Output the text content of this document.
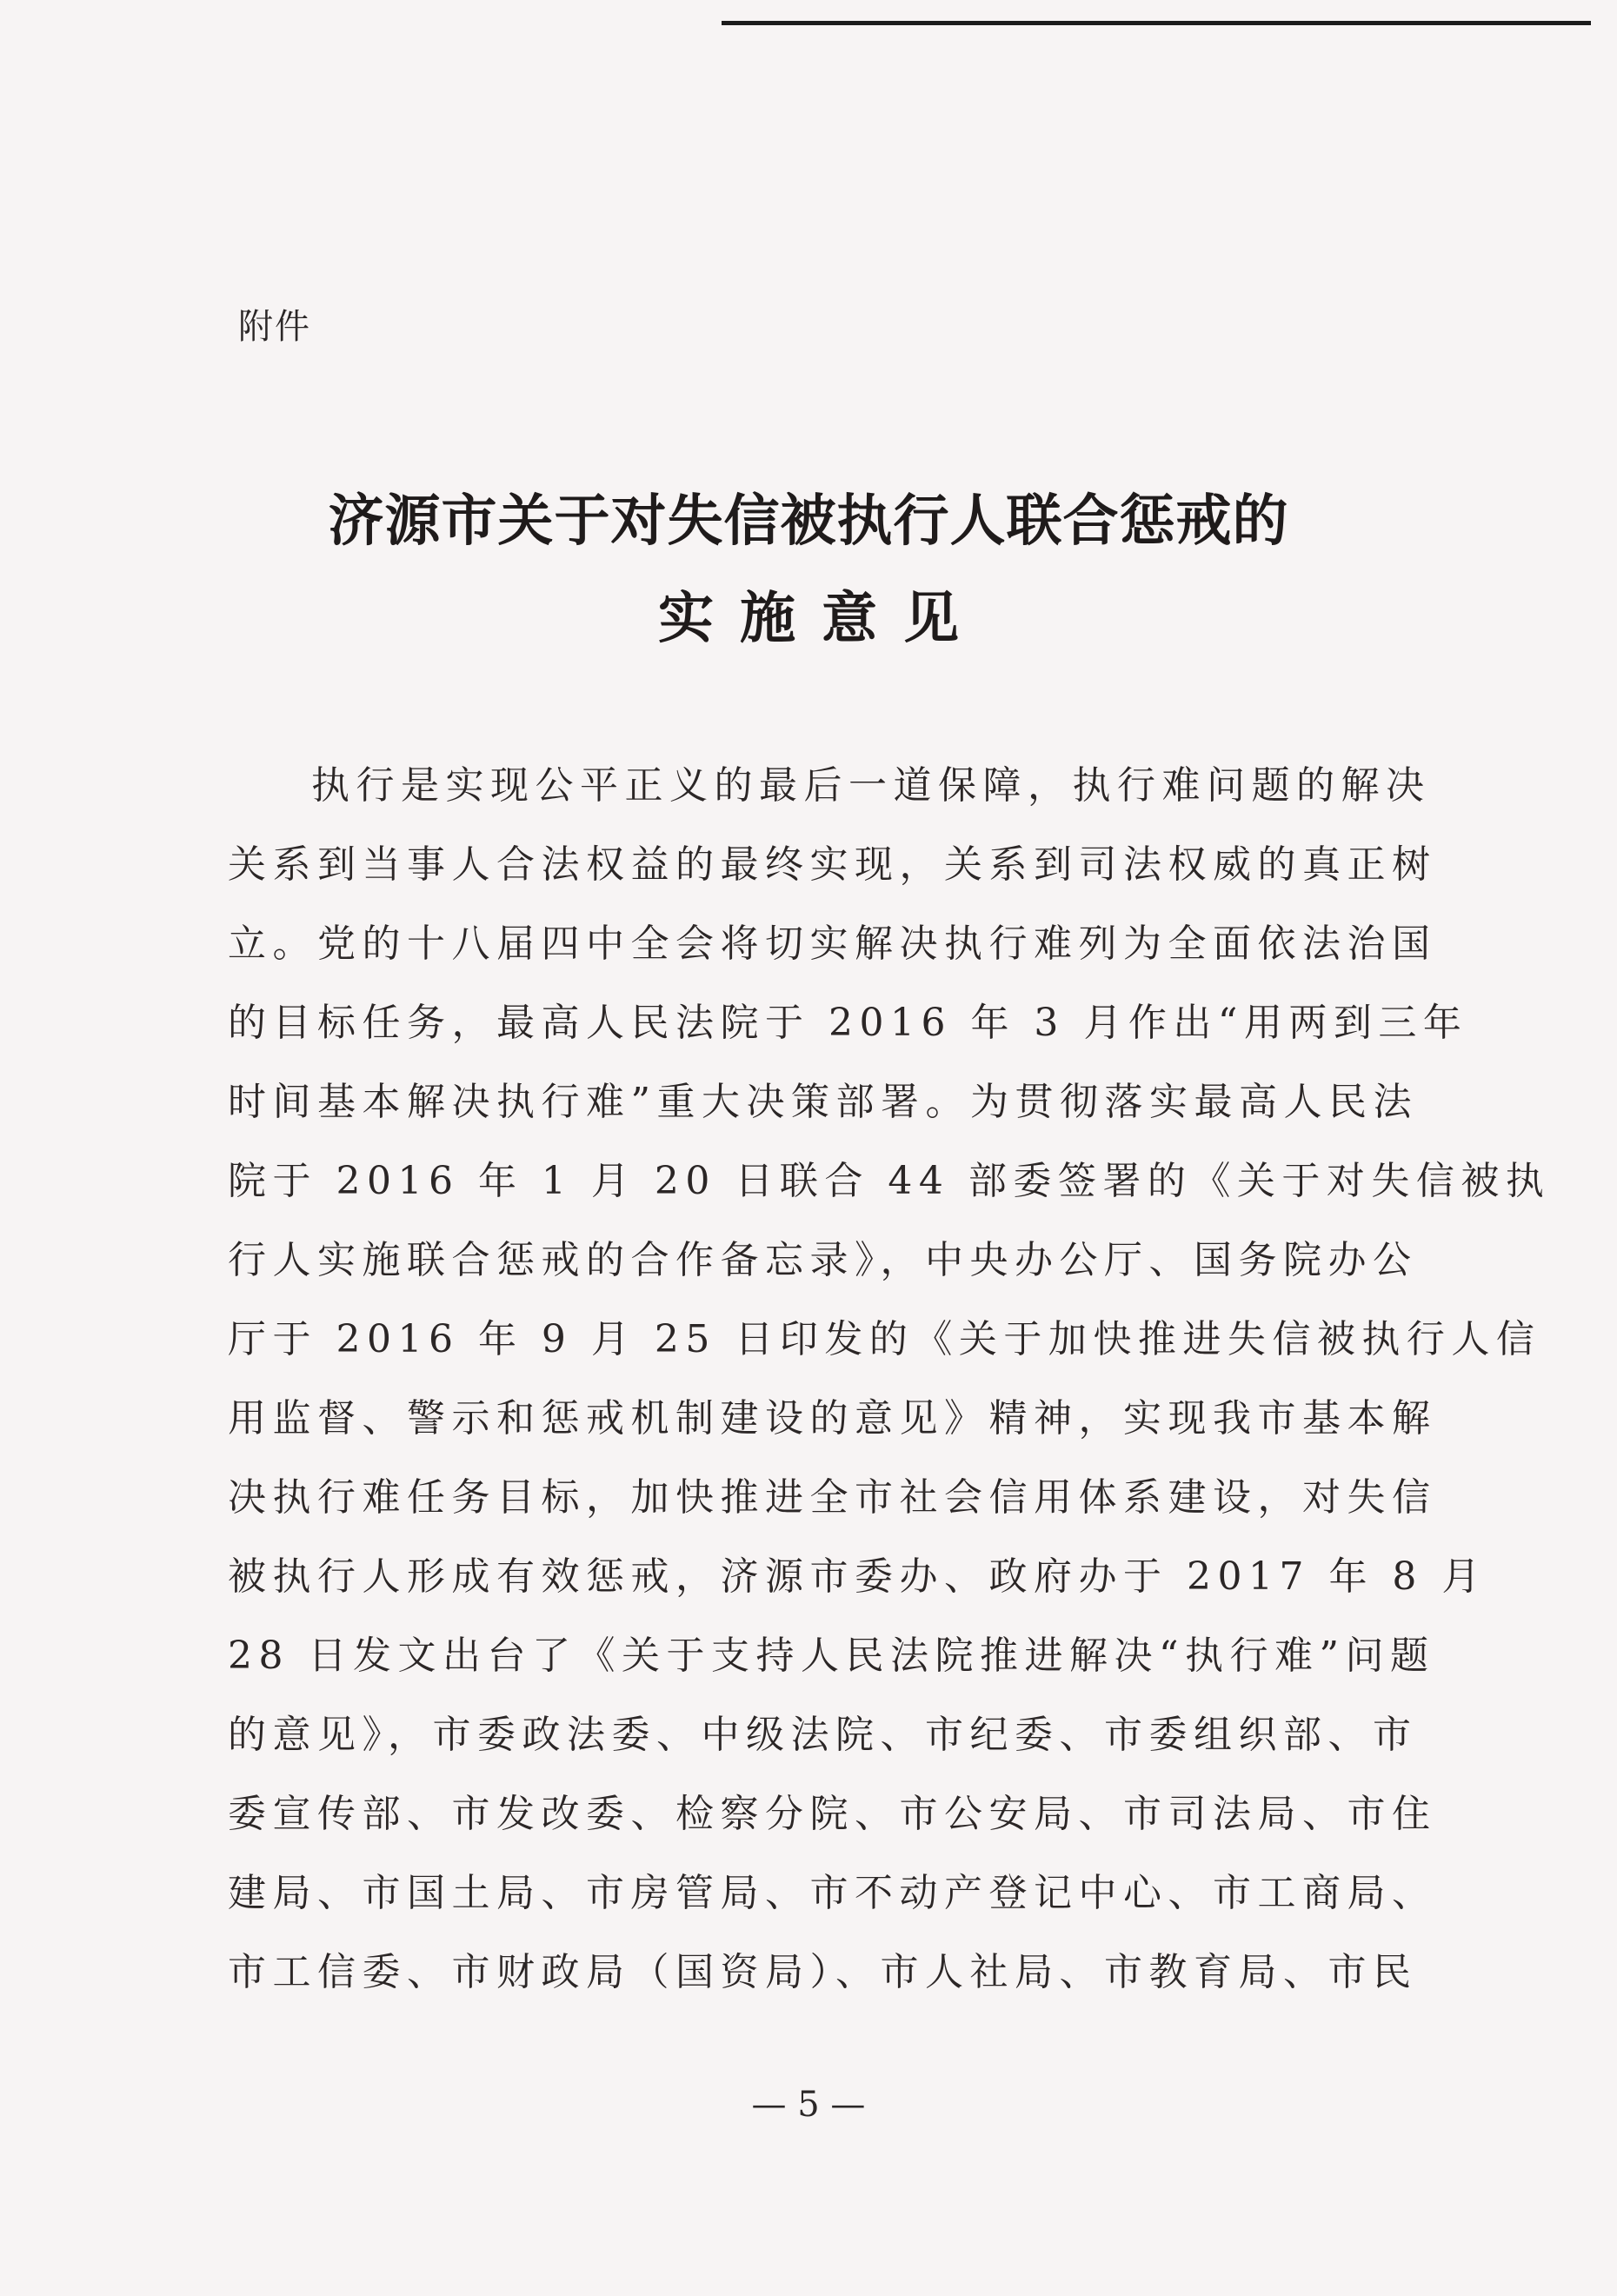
附件
济源市关于对失信被执行人联合惩戒的
实施意见
执行是实现公平正义的最后一道保障，执行难问题的解决
关系到当事人合法权益的最终实现，关系到司法权威的真正树
立。党的十八届四中全会将切实解决执行难列为全面依法治国
的目标任务，最高人民法院于 2016 年 3 月作出“用两到三年
时间基本解决执行难”重大决策部署。为贯彻落实最高人民法
院于 2016 年 1 月 20 日联合 44 部委签署的《关于对失信被执
行人实施联合惩戒的合作备忘录》，中央办公厅、国务院办公
厅于 2016 年 9 月 25 日印发的《关于加快推进失信被执行人信
用监督、警示和惩戒机制建设的意见》精神，实现我市基本解
决执行难任务目标，加快推进全市社会信用体系建设，对失信
被执行人形成有效惩戒，济源市委办、政府办于 2017 年 8 月
28 日发文出台了《关于支持人民法院推进解决“执行难”问题
的意见》，市委政法委、中级法院、市纪委、市委组织部、市
委宣传部、市发改委、检察分院、市公安局、市司法局、市住
建局、市国土局、市房管局、市不动产登记中心、市工商局、
市工信委、市财政局（国资局）、市人社局、市教育局、市民
— 5 —
